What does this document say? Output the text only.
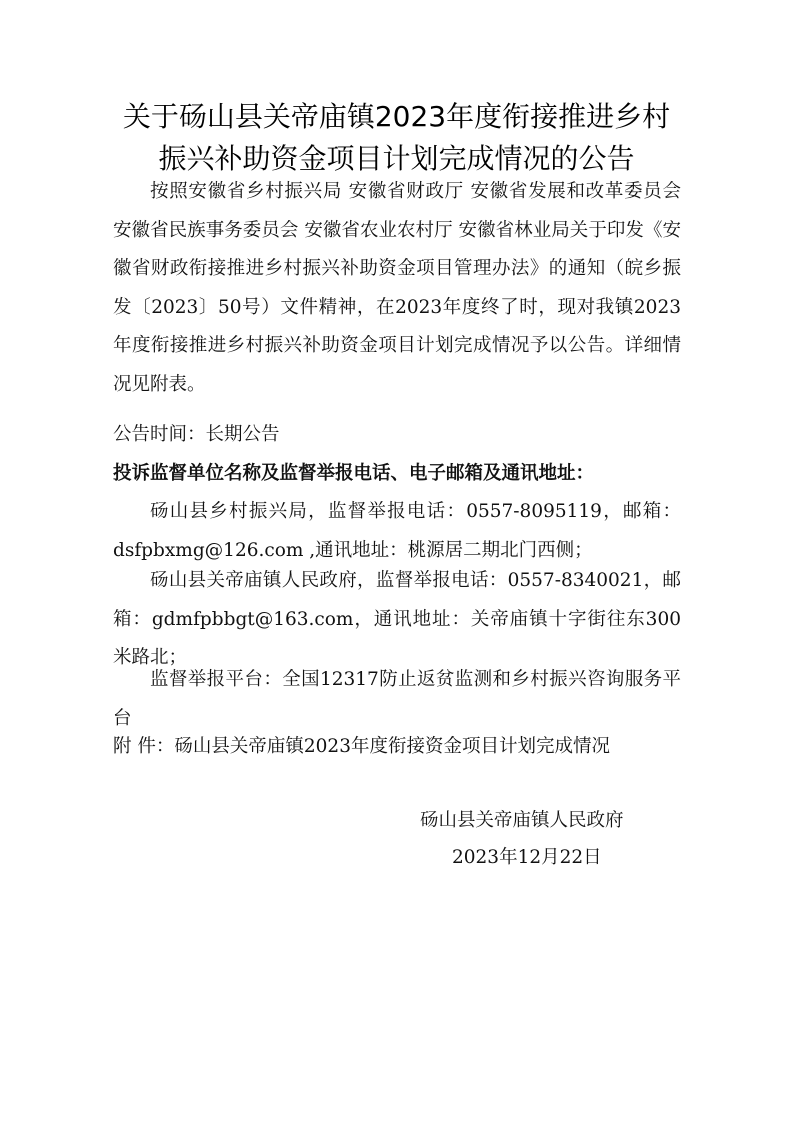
关于砀山县关帝庙镇2023年度衔接推进乡村振兴补助资金项目计划完成情况的公告
按照安徽省乡村振兴局 安徽省财政厅 安徽省发展和改革委员会 安徽省民族事务委员会 安徽省农业农村厅 安徽省林业局关于印发《安徽省财政衔接推进乡村振兴补助资金项目管理办法》的通知（皖乡振发〔2023〕50号）文件精神，在2023年度终了时，现对我镇2023年度衔接推进乡村振兴补助资金项目计划完成情况予以公告。详细情况见附表。
公告时间：长期公告
投诉监督单位名称及监督举报电话、电子邮箱及通讯地址：
砀山县乡村振兴局，监督举报电话：0557-8095119，邮箱：dsfpbxmg@126.com ,通讯地址：桃源居二期北门西侧；
砀山县关帝庙镇人民政府，监督举报电话：0557-8340021，邮箱：gdmfpbbgt@163.com，通讯地址：关帝庙镇十字街往东300米路北；
监督举报平台：全国12317防止返贫监测和乡村振兴咨询服务平台
附 件：砀山县关帝庙镇2023年度衔接资金项目计划完成情况
砀山县关帝庙镇人民政府
2023年12月22日
